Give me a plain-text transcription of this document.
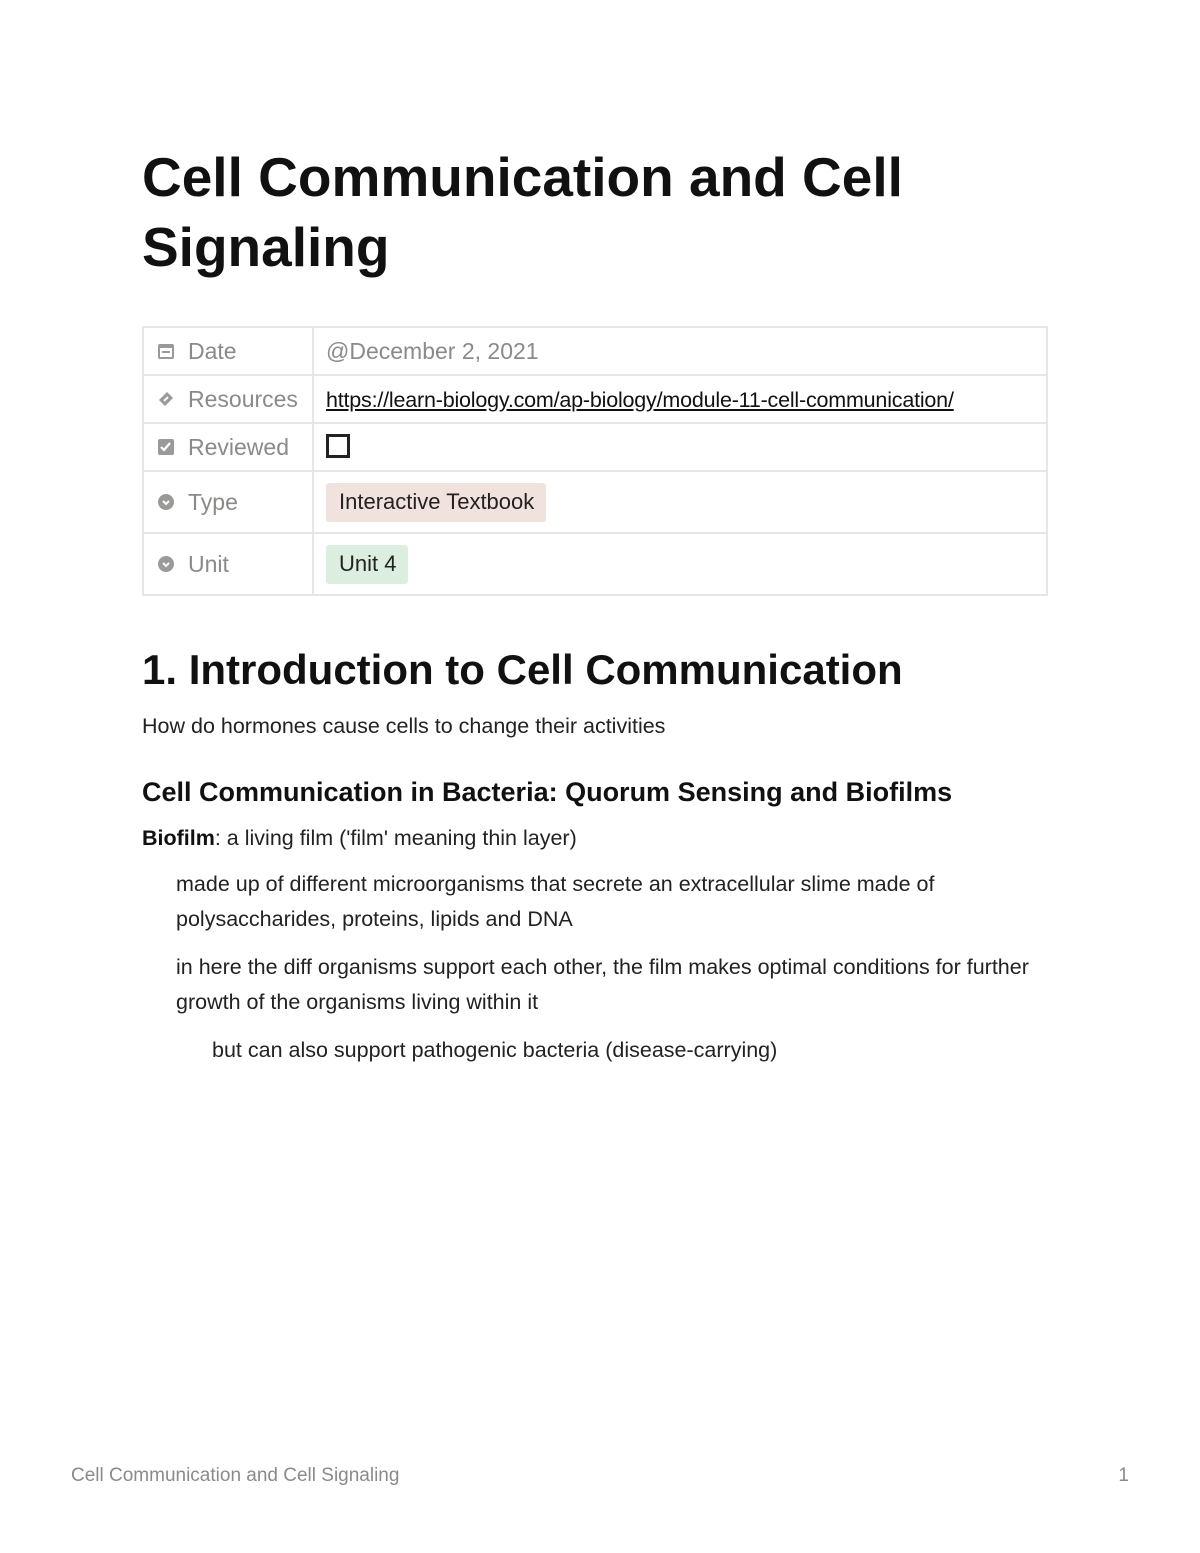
Cell Communication and Cell Signaling
Date	@December 2, 2021

Resources	https://learn-biology.com/ap-biology/module-11-cell-communication/

Reviewed	

Type	Interactive Textbook

Unit	Unit 4
1. Introduction to Cell Communication

How do hormones cause cells to change their activities

Cell Communication in Bacteria: Quorum Sensing and Biofilms

Biofilm: a living film ('film' meaning thin layer)

made up of different microorganisms that secrete an extracellular slime made of polysaccharides, proteins, lipids and DNA

in here the diff organisms support each other, the film makes optimal conditions for further growth of the organisms living within it

but can also support pathogenic bacteria (disease-carrying)

Cell Communication and Cell Signaling	1
